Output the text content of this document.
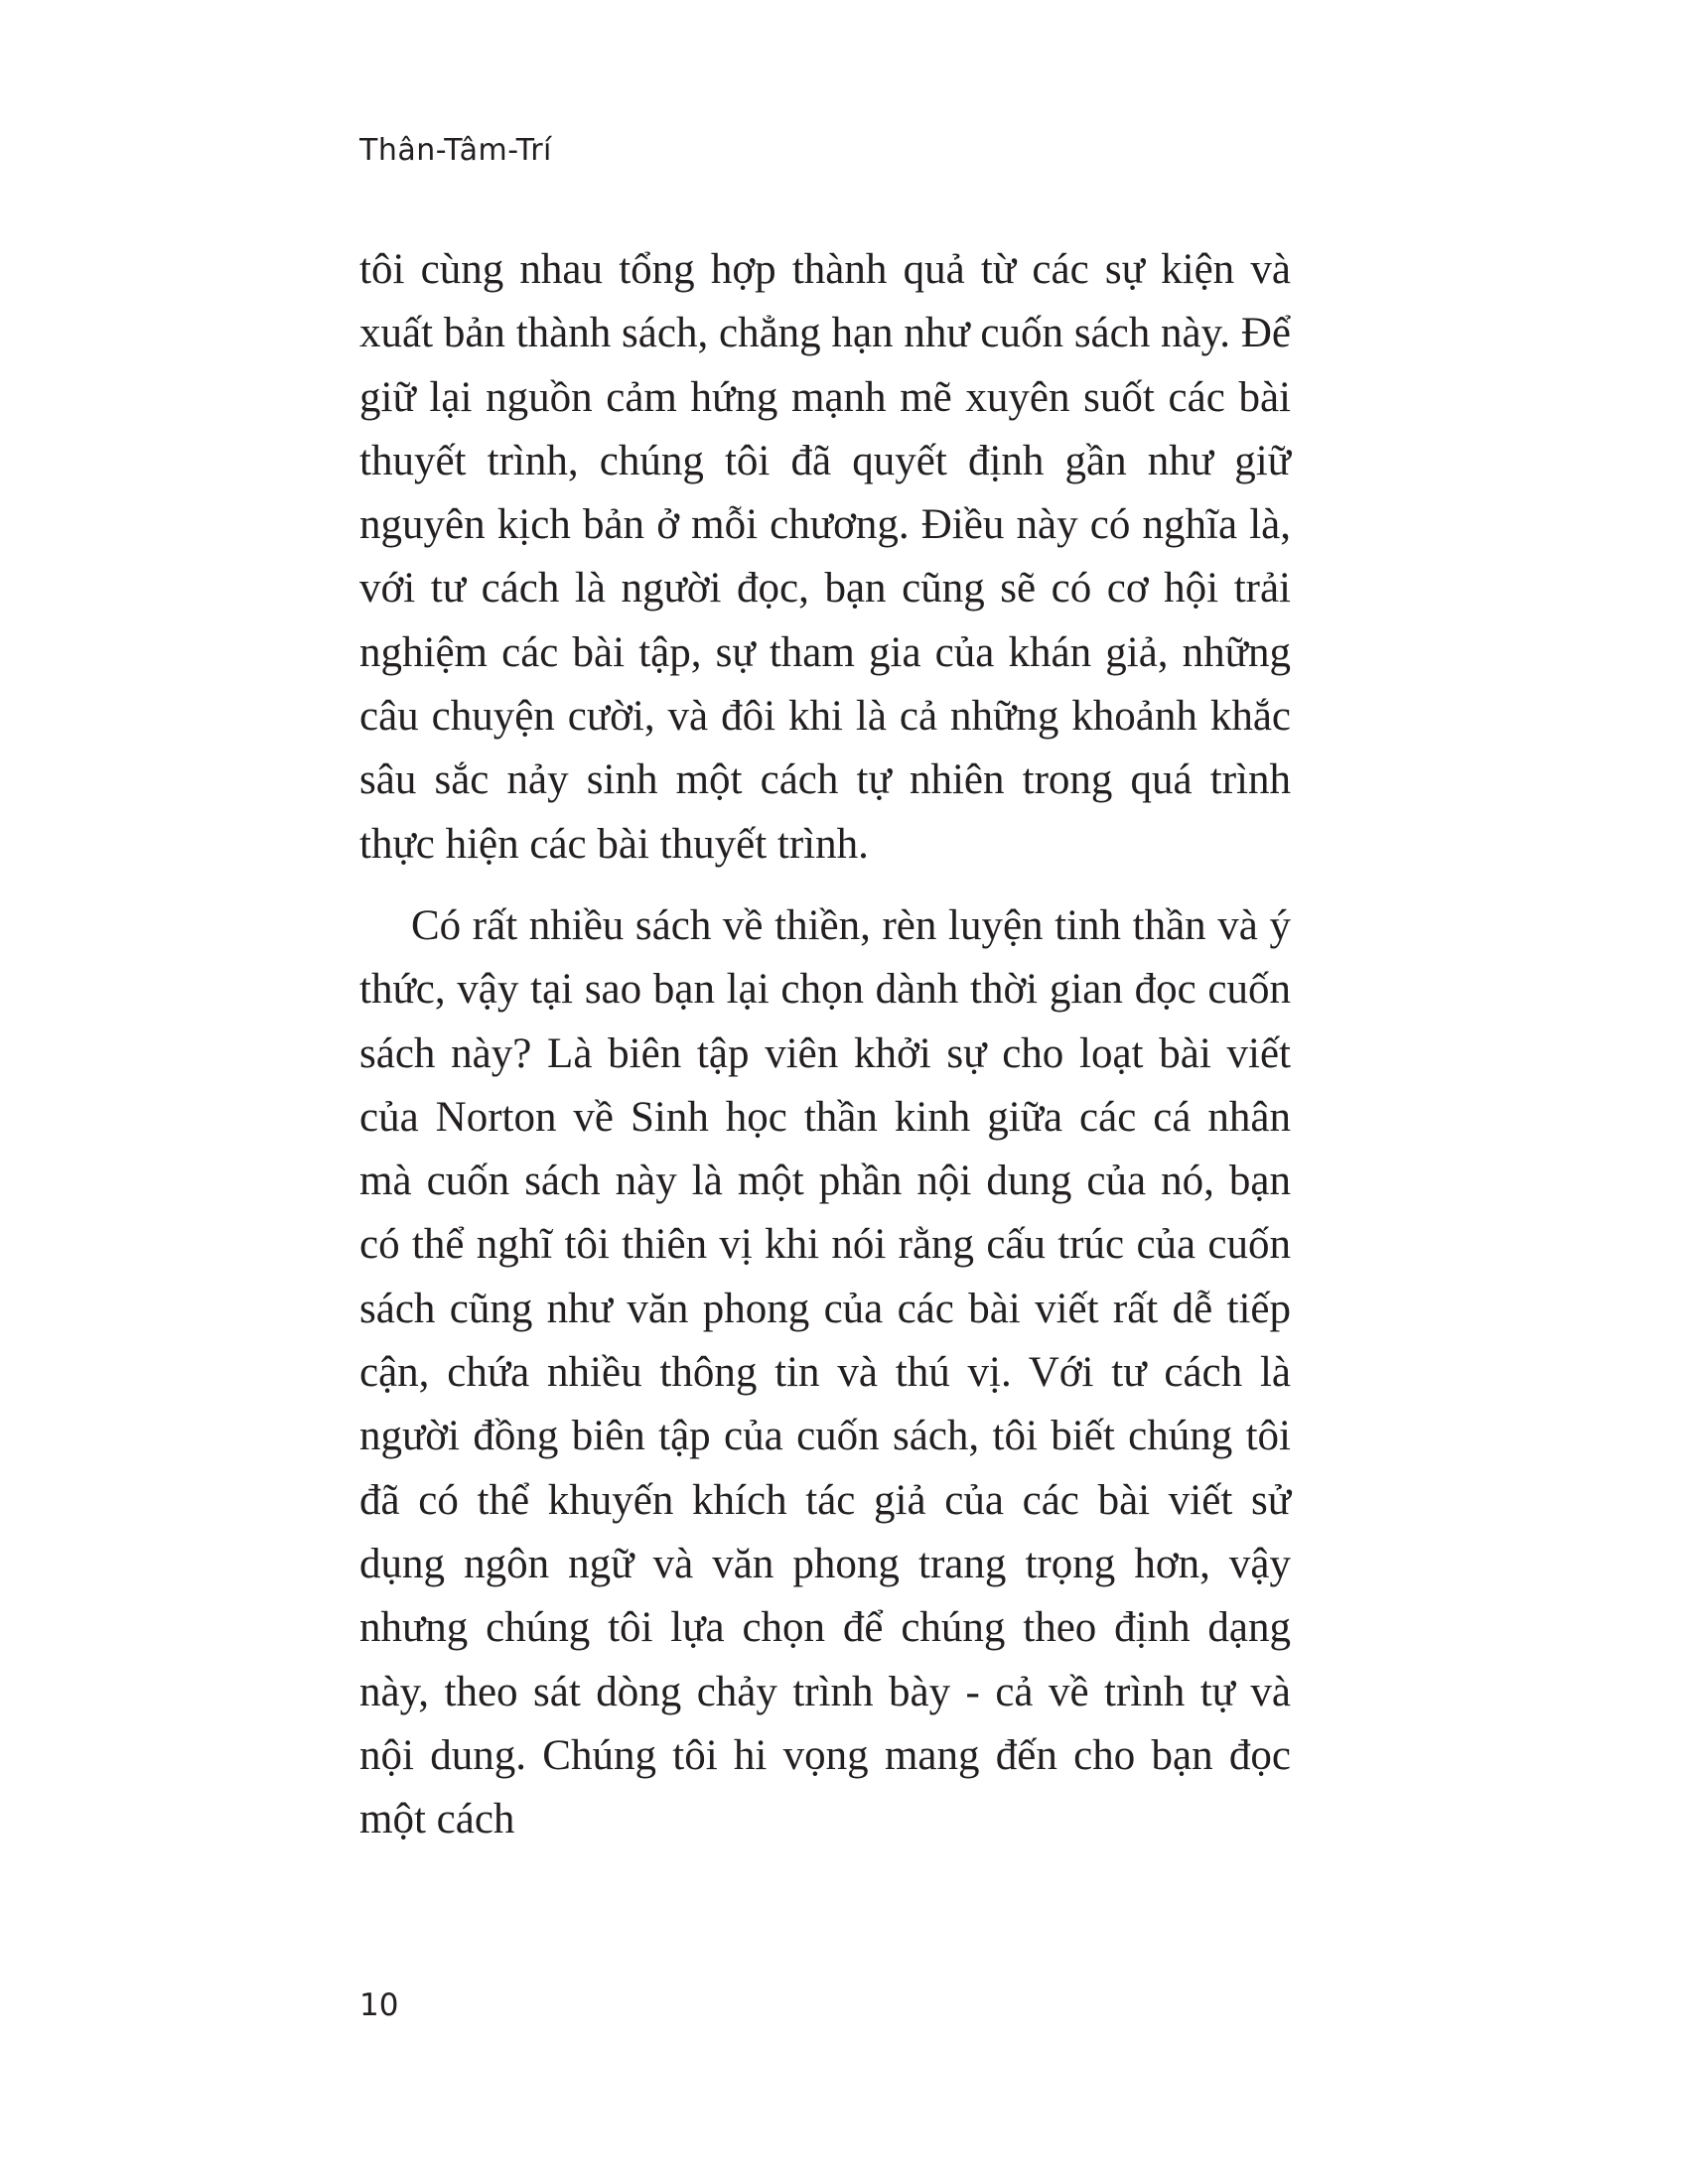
Thân-Tâm-Trí

tôi cùng nhau tổng hợp thành quả từ các sự kiện và xuất bản thành sách, chẳng hạn như cuốn sách này. Để giữ lại nguồn cảm hứng mạnh mẽ xuyên suốt các bài thuyết trình, chúng tôi đã quyết định gần như giữ nguyên kịch bản ở mỗi chương. Điều này có nghĩa là, với tư cách là người đọc, bạn cũng sẽ có cơ hội trải nghiệm các bài tập, sự tham gia của khán giả, những câu chuyện cười, và đôi khi là cả những khoảnh khắc sâu sắc nảy sinh một cách tự nhiên trong quá trình thực hiện các bài thuyết trình.

Có rất nhiều sách về thiền, rèn luyện tinh thần và ý thức, vậy tại sao bạn lại chọn dành thời gian đọc cuốn sách này? Là biên tập viên khởi sự cho loạt bài viết của Norton về Sinh học thần kinh giữa các cá nhân mà cuốn sách này là một phần nội dung của nó, bạn có thể nghĩ tôi thiên vị khi nói rằng cấu trúc của cuốn sách cũng như văn phong của các bài viết rất dễ tiếp cận, chứa nhiều thông tin và thú vị. Với tư cách là người đồng biên tập của cuốn sách, tôi biết chúng tôi đã có thể khuyến khích tác giả của các bài viết sử dụng ngôn ngữ và văn phong trang trọng hơn, vậy nhưng chúng tôi lựa chọn để chúng theo định dạng này, theo sát dòng chảy trình bày - cả về trình tự và nội dung. Chúng tôi hi vọng mang đến cho bạn đọc một cách

10
